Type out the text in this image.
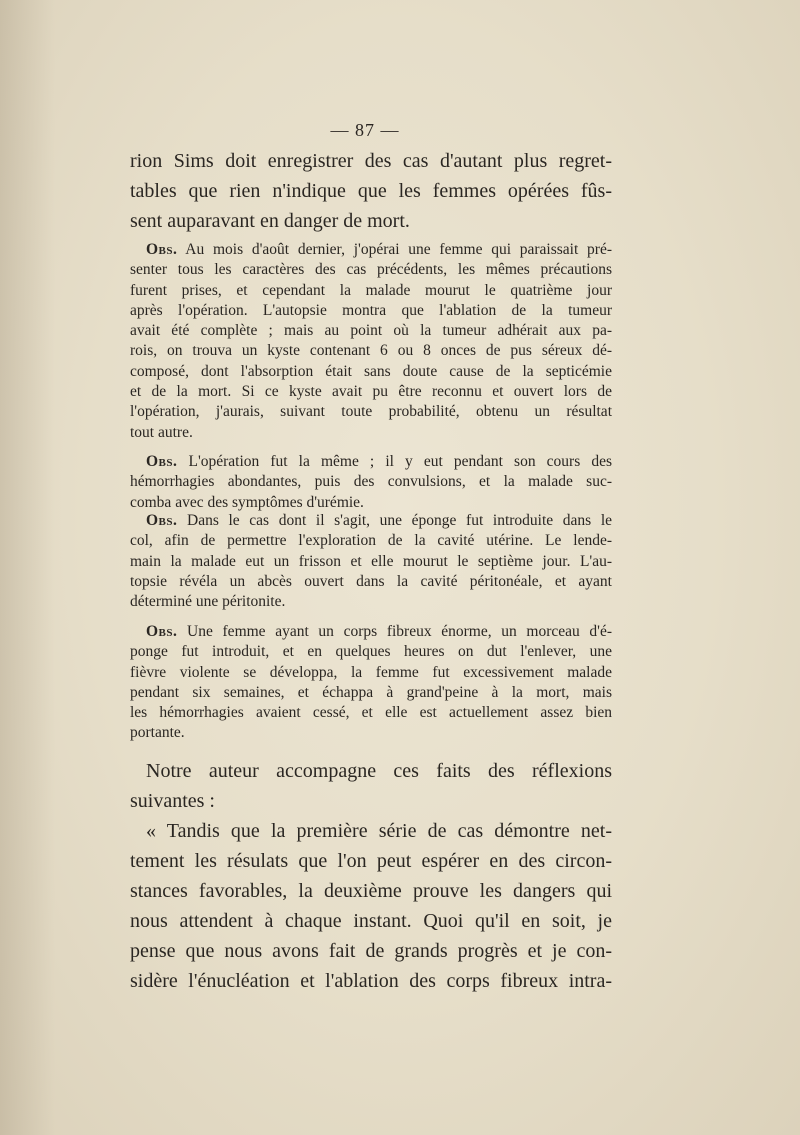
— 87 —

rion Sims doit enregistrer des cas d'autant plus regret-
tables que rien n'indique que les femmes opérées fûs-
sent auparavant en danger de mort.

Obs. Au mois d'août dernier, j'opérai une femme qui paraissait pré-
senter tous les caractères des cas précédents, les mêmes précautions
furent prises, et cependant la malade mourut le quatrième jour
après l'opération. L'autopsie montra que l'ablation de la tumeur
avait été complète ; mais au point où la tumeur adhérait aux pa-
rois, on trouva un kyste contenant 6 ou 8 onces de pus séreux dé-
composé, dont l'absorption était sans doute cause de la septicémie
et de la mort. Si ce kyste avait pu être reconnu et ouvert lors de
l'opération, j'aurais, suivant toute probabilité, obtenu un résultat
tout autre.

Obs. L'opération fut la même ; il y eut pendant son cours des
hémorrhagies abondantes, puis des convulsions, et la malade suc-
comba avec des symptômes d'urémie.

Obs. Dans le cas dont il s'agit, une éponge fut introduite dans le
col, afin de permettre l'exploration de la cavité utérine. Le lende-
main la malade eut un frisson et elle mourut le septième jour. L'au-
topsie révéla un abcès ouvert dans la cavité péritonéale, et ayant
déterminé une péritonite.

Obs. Une femme ayant un corps fibreux énorme, un morceau d'é-
ponge fut introduit, et en quelques heures on dut l'enlever, une
fièvre violente se développa, la femme fut excessivement malade
pendant six semaines, et échappa à grand'peine à la mort, mais
les hémorrhagies avaient cessé, et elle est actuellement assez bien
portante.

Notre auteur accompagne ces faits des réflexions
suivantes :
« Tandis que la première série de cas démontre net-
tement les résulats que l'on peut espérer en des circon-
stances favorables, la deuxième prouve les dangers qui
nous attendent à chaque instant. Quoi qu'il en soit, je
pense que nous avons fait de grands progrès et je con-
sidère l'énucléation et l'ablation des corps fibreux intra-
